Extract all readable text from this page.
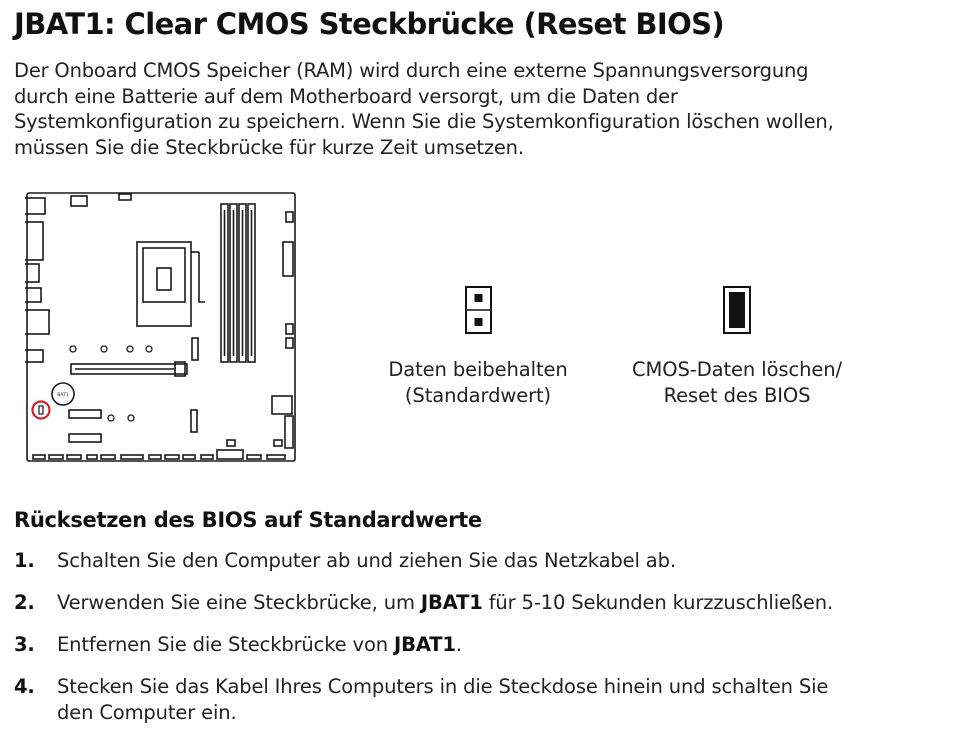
JBAT1: Clear CMOS Steckbrücke (Reset BIOS)

Der Onboard CMOS Speicher (RAM) wird durch eine externe Spannungsversorgung
durch eine Batterie auf dem Motherboard versorgt, um die Daten der
Systemkonfiguration zu speichern. Wenn Sie die Systemkonfiguration löschen wollen,
müssen Sie die Steckbrücke für kurze Zeit umsetzen.

BAT1
Daten beibehalten
(Standardwert)
CMOS-Daten löschen/
Reset des BIOS
Rücksetzen des BIOS auf Standardwerte
1. Schalten Sie den Computer ab und ziehen Sie das Netzkabel ab.
2. Verwenden Sie eine Steckbrücke, um JBAT1 für 5-10 Sekunden kurzzuschließen.
3. Entfernen Sie die Steckbrücke von JBAT1.
4. Stecken Sie das Kabel Ihres Computers in die Steckdose hinein und schalten Sie
den Computer ein.
